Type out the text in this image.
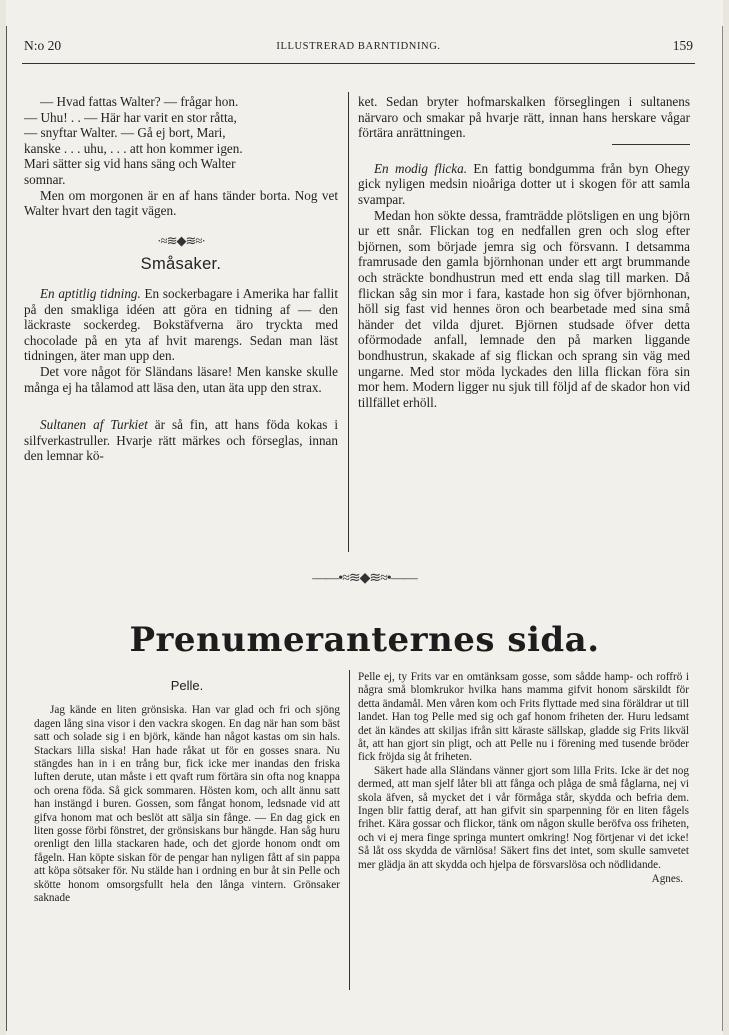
N:o 20	ILLUSTRERAD BARNTIDNING.	159

— Hvad fattas Walter? — frågar hon.

— Uhu! . . — Här har varit en stor råtta,

— snyftar Walter. — Gå ej bort, Mari,

kanske . . . uhu, . . . att hon kommer igen.

Mari sätter sig vid hans säng och Walter

somnar.

Men om morgonen är en af hans tänder borta. Nog vet Walter hvart den tagit vägen.

·≈≋◆≋≈·
Småsaker.

En aptitlig tidning. En sockerbagare i Amerika har fallit på den smakliga idéen att göra en tidning af — den läckraste sockerdeg. Bokstäfverna äro tryckta med chocolade på en yta af hvit marengs. Sedan man läst tidningen, äter man upp den.

Det vore något för Sländans läsare! Men kanske skulle många ej ha tålamod att läsa den, utan äta upp den strax.

Sultanen af Turkiet är så fin, att hans föda kokas i silfverkastruller. Hvarje rätt märkes och förseglas, innan den lemnar kö-

ket. Sedan bryter hofmarskalken förseglingen i sultanens närvaro och smakar på hvarje rätt, innan hans herskare vågar förtära anrättningen.

En modig flicka. En fattig bondgumma från byn Ohegy gick nyligen medsin nioåriga dotter ut i skogen för att samla svampar.

Medan hon sökte dessa, framträdde plötsligen en ung björn ur ett snår. Flickan tog en nedfallen gren och slog efter björnen, som började jemra sig och försvann. I detsamma framrusade den gamla björnhonan under ett argt brummande och sträckte bondhustrun med ett enda slag till marken. Då flickan såg sin mor i fara, kastade hon sig öfver björnhonan, höll sig fast vid hennes öron och bearbetade med sina små händer det vilda djuret. Björnen studsade öfver detta oförmodade anfall, lemnade den på marken liggande bondhustrun, skakade af sig flickan och sprang sin väg med ungarne. Med stor möda lyckades den lilla flickan föra sin mor hem. Modern ligger nu sjuk till följd af de skador hon vid tillfället erhöll.

——•≈≋◆≋≈•——
Prenumeranternes sida.
Pelle.

Jag kände en liten grönsiska. Han var glad och fri och sjöng dagen lång sina visor i den vackra skogen. En dag när han som bäst satt och solade sig i en björk, kände han något kastas om sin hals. Stackars lilla siska! Han hade råkat ut för en gosses snara. Nu stängdes han in i en trång bur, fick icke mer inandas den friska luften derute, utan måste i ett qvaft rum förtära sin ofta nog knappa och orena föda. Så gick sommaren. Hösten kom, och allt ännu satt han instängd i buren. Gossen, som fångat honom, ledsnade vid att gifva honom mat och beslöt att sälja sin fånge. — En dag gick en liten gosse förbi fönstret, der grönsiskans bur hängde. Han såg huru orenligt den lilla stackaren hade, och det gjorde honom ondt om fågeln. Han köpte siskan för de pengar han nyligen fått af sin pappa att köpa sötsaker för. Nu stälde han i ordning en bur åt sin Pelle och skötte honom omsorgsfullt hela den långa vintern. Grönsaker saknade

Pelle ej, ty Frits var en omtänksam gosse, som sådde hamp- och roffrö i några små blomkrukor hvilka hans mamma gifvit honom särskildt för detta ändamål. Men våren kom och Frits flyttade med sina föräldrar ut till landet. Han tog Pelle med sig och gaf honom friheten der. Huru ledsamt det än kändes att skiljas ifrån sitt käraste sällskap, gladde sig Frits likväl åt, att han gjort sin pligt, och att Pelle nu i förening med tusende bröder fick fröjda sig åt friheten.

Säkert hade alla Sländans vänner gjort som lilla Frits. Icke är det nog dermed, att man sjelf låter bli att fånga och plåga de små fåglarna, nej vi skola äfven, så mycket det i vår förmåga står, skydda och befria dem. Ingen blir fattig deraf, att han gifvit sin sparpenning för en liten fågels frihet. Kära gossar och flickor, tänk om någon skulle beröfva oss friheten, och vi ej mera finge springa muntert omkring! Nog förtjenar vi det icke! Så låt oss skydda de värnlösa! Säkert fins det intet, som skulle samvetet mer glädja än att skydda och hjelpa de försvarslösa och nödlidande.

Agnes.
